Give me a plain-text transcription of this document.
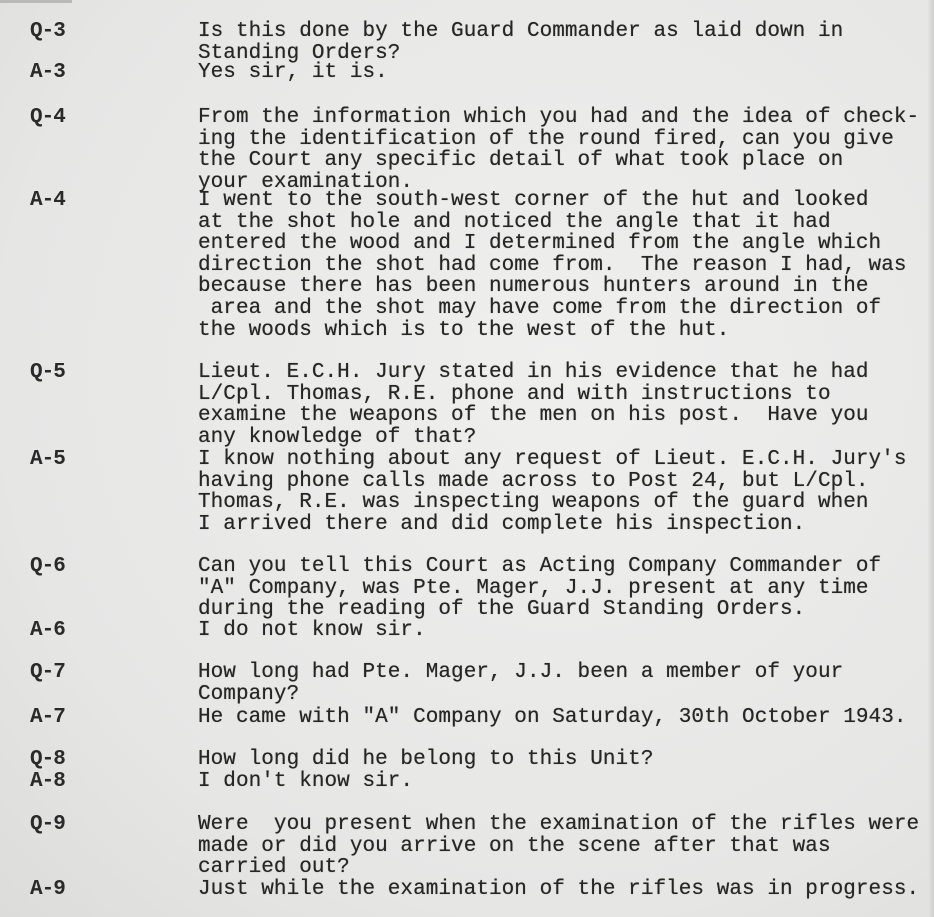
Q-3	Is this done by the Guard Commander as laid down in
Standing Orders?
A-3	Yes sir, it is.
Q-4	From the information which you had and the idea of check-
ing the identification of the round fired, can you give
the Court any specific detail of what took place on
your examination.
A-4	I went to the south-west corner of the hut and looked
at the shot hole and noticed the angle that it had
entered the wood and I determined from the angle which
direction the shot had come from.  The reason I had, was
because there has been numerous hunters around in the
area and the shot may have come from the direction of
the woods which is to the west of the hut.
Q-5	Lieut. E.C.H. Jury stated in his evidence that he had
L/Cpl. Thomas, R.E. phone and with instructions to
examine the weapons of the men on his post.  Have you
any knowledge of that?
A-5	I know nothing about any request of Lieut. E.C.H. Jury's
having phone calls made across to Post 24, but L/Cpl.
Thomas, R.E. was inspecting weapons of the guard when
I arrived there and did complete his inspection.
Q-6	Can you tell this Court as Acting Company Commander of
"A" Company, was Pte. Mager, J.J. present at any time
during the reading of the Guard Standing Orders.
A-6	I do not know sir.
Q-7	How long had Pte. Mager, J.J. been a member of your
Company?
A-7	He came with "A" Company on Saturday, 30th October 1943.
Q-8	How long did he belong to this Unit?
A-8	I don't know sir.
Q-9	Were  you present when the examination of the rifles were
made or did you arrive on the scene after that was
carried out?
A-9	Just while the examination of the rifles was in progress.
